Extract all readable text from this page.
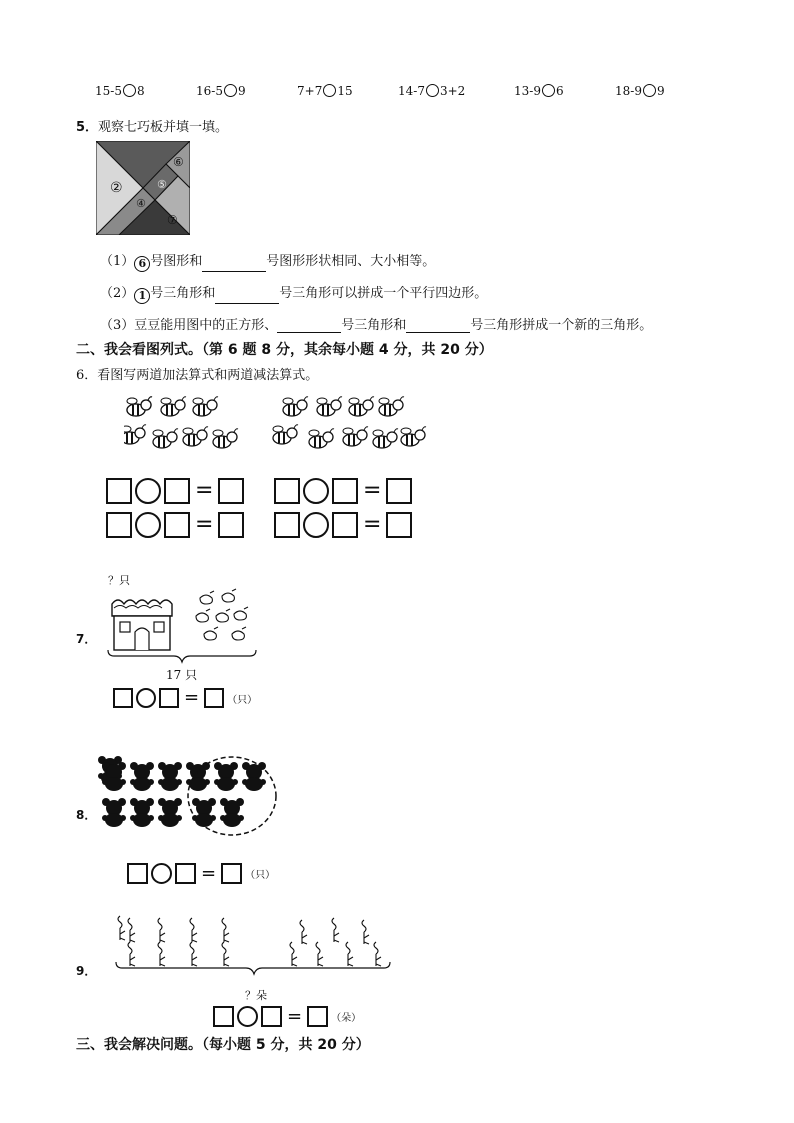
15-5 8	16-5 9	7+7 15	14-7 3+2	13-9 6	18-9 9
5．观察七巧板并填一填。
②
④
⑤
⑥
⑦
（1） 6 号图形和	号图形形状相同、大小相等。
（2） 1 号三角形和	号三角形可以拼成一个平行四边形。
（3）豆豆能用图中的正方形、	号三角形和	号三角形拼成一个新的三角形。
二、我会看图列式。（第 6 题 8 分，其余每小题 4 分，共 20 分）
6．看图写两道加法算式和两道减法算式。
=	=
=	=
？只
7．
17 只
=	（只）
8．
=	（只）
9．
？朵
=	（朵）
三、我会解决问题。（每小题 5 分，共 20 分）
